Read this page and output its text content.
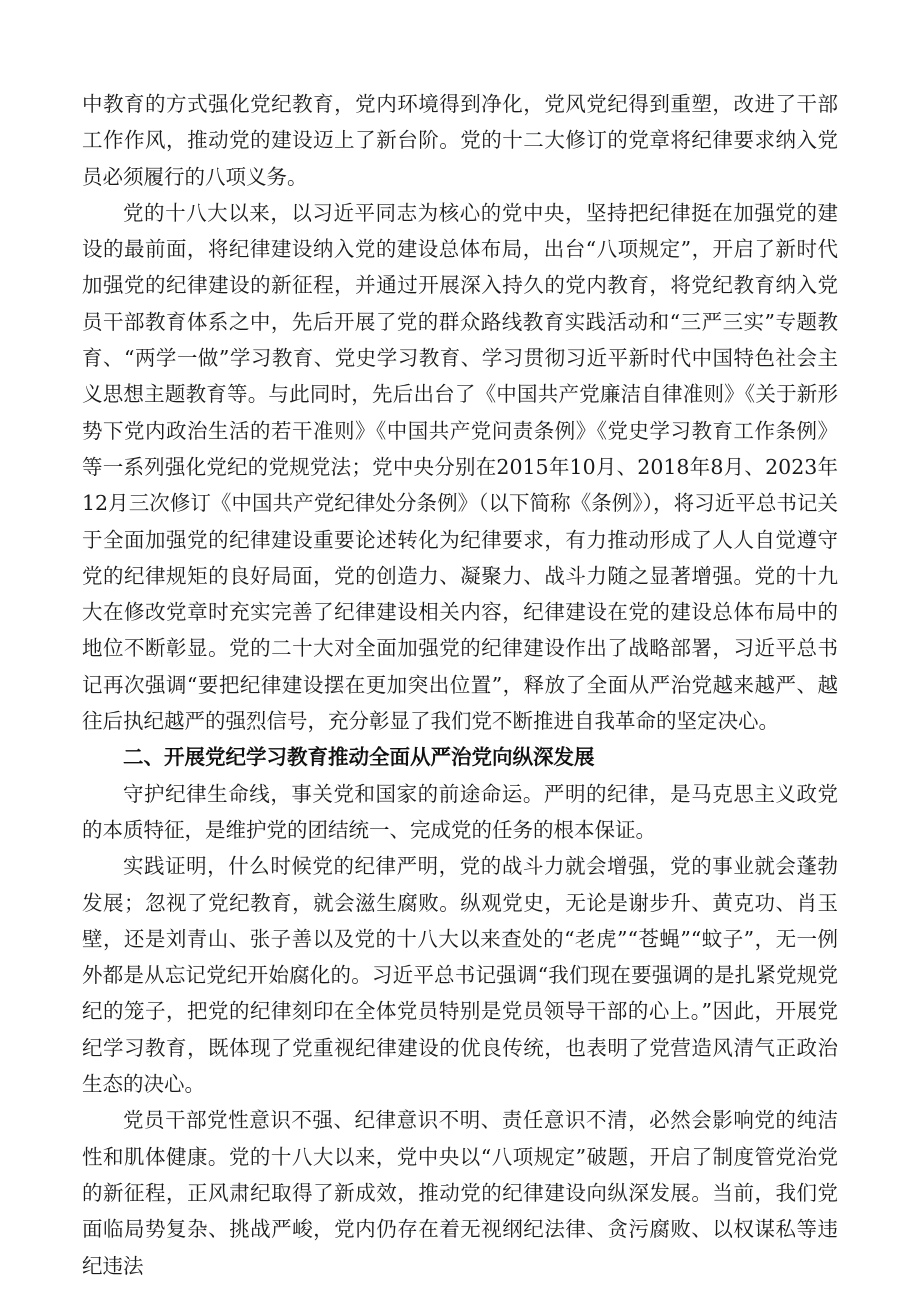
中教育的方式强化党纪教育，党内环境得到净化，党风党纪得到重塑，改进了干部工作作风，推动党的建设迈上了新台阶。党的十二大修订的党章将纪律要求纳入党员必须履行的八项义务。

党的十八大以来，以习近平同志为核心的党中央，坚持把纪律挺在加强党的建设的最前面，将纪律建设纳入党的建设总体布局，出台“八项规定”，开启了新时代加强党的纪律建设的新征程，并通过开展深入持久的党内教育，将党纪教育纳入党员干部教育体系之中，先后开展了党的群众路线教育实践活动和“三严三实”专题教育、“两学一做”学习教育、党史学习教育、学习贯彻习近平新时代中国特色社会主义思想主题教育等。与此同时，先后出台了《中国共产党廉洁自律准则》《关于新形势下党内政治生活的若干准则》《中国共产党问责条例》《党史学习教育工作条例》等一系列强化党纪的党规党法；党中央分别在2015年10月、2018年8月、2023年12月三次修订《中国共产党纪律处分条例》（以下简称《条例》），将习近平总书记关于全面加强党的纪律建设重要论述转化为纪律要求，有力推动形成了人人自觉遵守党的纪律规矩的良好局面，党的创造力、凝聚力、战斗力随之显著增强。党的十九大在修改党章时充实完善了纪律建设相关内容，纪律建设在党的建设总体布局中的地位不断彰显。党的二十大对全面加强党的纪律建设作出了战略部署，习近平总书记再次强调“要把纪律建设摆在更加突出位置”，释放了全面从严治党越来越严、越往后执纪越严的强烈信号，充分彰显了我们党不断推进自我革命的坚定决心。

二、开展党纪学习教育推动全面从严治党向纵深发展

守护纪律生命线，事关党和国家的前途命运。严明的纪律，是马克思主义政党的本质特征，是维护党的团结统一、完成党的任务的根本保证。

实践证明，什么时候党的纪律严明，党的战斗力就会增强，党的事业就会蓬勃发展；忽视了党纪教育，就会滋生腐败。纵观党史，无论是谢步升、黄克功、肖玉壁，还是刘青山、张子善以及党的十八大以来查处的“老虎”“苍蝇”“蚊子”，无一例外都是从忘记党纪开始腐化的。习近平总书记强调“我们现在要强调的是扎紧党规党纪的笼子，把党的纪律刻印在全体党员特别是党员领导干部的心上。”因此，开展党纪学习教育，既体现了党重视纪律建设的优良传统，也表明了党营造风清气正政治生态的决心。

党员干部党性意识不强、纪律意识不明、责任意识不清，必然会影响党的纯洁性和肌体健康。党的十八大以来，党中央以“八项规定”破题，开启了制度管党治党的新征程，正风肃纪取得了新成效，推动党的纪律建设向纵深发展。当前，我们党面临局势复杂、挑战严峻，党内仍存在着无视纲纪法律、贪污腐败、以权谋私等违纪违法
